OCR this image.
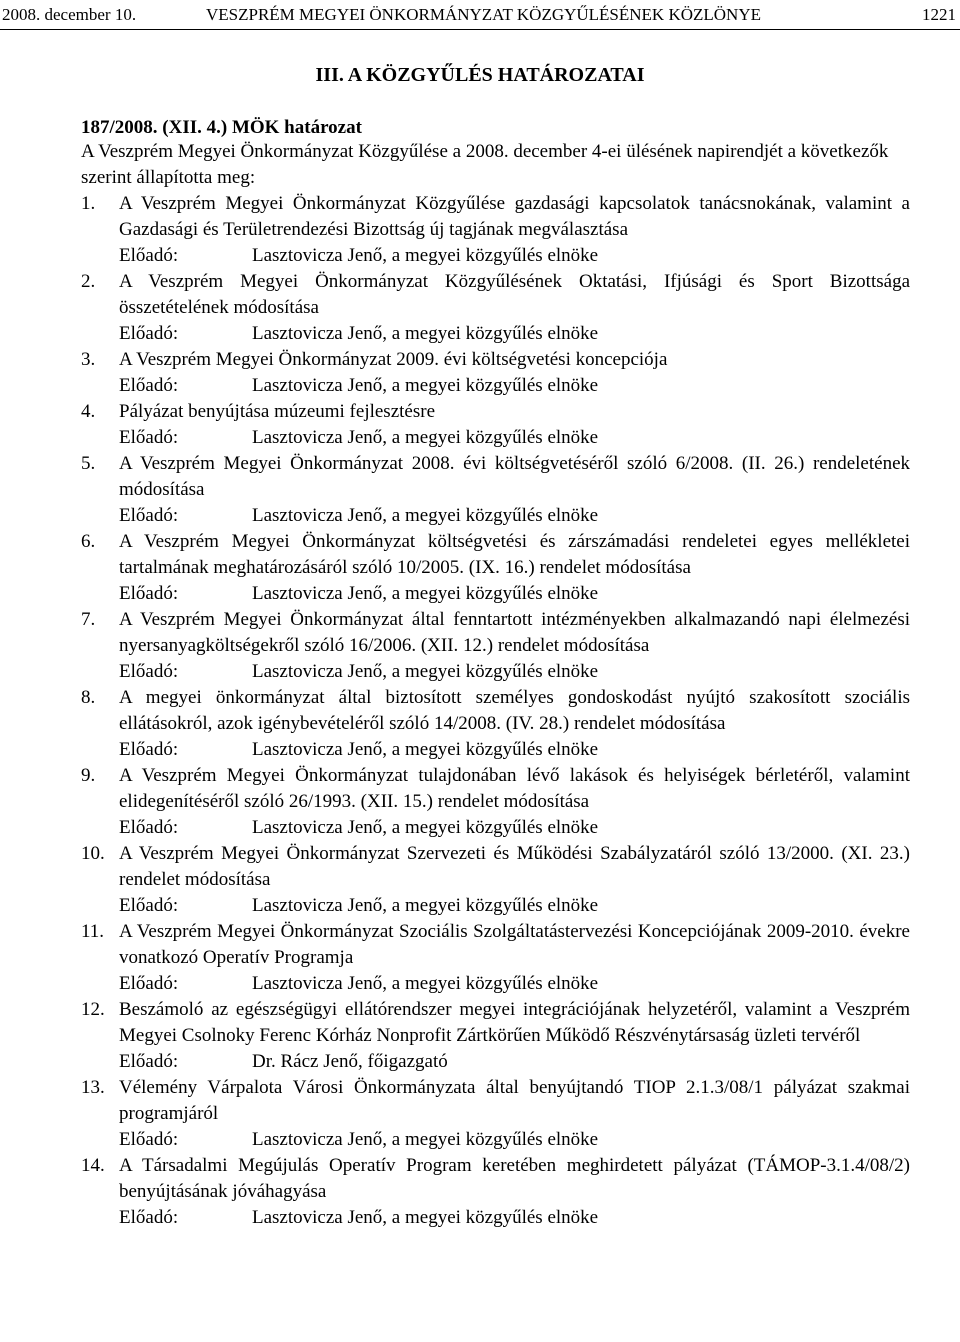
2008. december 10.	VESZPRÉM MEGYEI ÖNKORMÁNYZAT KÖZGYŰLÉSÉNEK KÖZLÖNYE	1221
III. A KÖZGYŰLÉS HATÁROZATAI
187/2008. (XII. 4.) MÖK határozat
A Veszprém Megyei Önkormányzat Közgyűlése a 2008. december 4-ei ülésének napirendjét a következők szerint állapította meg:
1.	A Veszprém Megyei Önkormányzat Közgyűlése gazdasági kapcsolatok tanácsnokának, valamint a Gazdasági és Területrendezési Bizottság új tagjának megválasztása
Előadó:	Lasztovicza Jenő, a megyei közgyűlés elnöke
2.	A Veszprém Megyei Önkormányzat Közgyűlésének Oktatási, Ifjúsági és Sport Bizottsága összetételének módosítása
Előadó:	Lasztovicza Jenő, a megyei közgyűlés elnöke
3.	A Veszprém Megyei Önkormányzat 2009. évi költségvetési koncepciója
Előadó:	Lasztovicza Jenő, a megyei közgyűlés elnöke
4.	Pályázat benyújtása múzeumi fejlesztésre
Előadó:	Lasztovicza Jenő, a megyei közgyűlés elnöke
5.	A Veszprém Megyei Önkormányzat 2008. évi költségvetéséről szóló 6/2008. (II. 26.) rendeletének módosítása
Előadó:	Lasztovicza Jenő, a megyei közgyűlés elnöke
6.	A Veszprém Megyei Önkormányzat költségvetési és zárszámadási rendeletei egyes mellékletei tartalmának meghatározásáról szóló 10/2005. (IX. 16.) rendelet módosítása
Előadó:	Lasztovicza Jenő, a megyei közgyűlés elnöke
7.	A Veszprém Megyei Önkormányzat által fenntartott intézményekben alkalmazandó napi élelmezési nyersanyagköltségekről szóló 16/2006. (XII. 12.) rendelet módosítása
Előadó:	Lasztovicza Jenő, a megyei közgyűlés elnöke
8.	A megyei önkormányzat által biztosított személyes gondoskodást nyújtó szakosított szociális ellátásokról, azok igénybevételéről szóló 14/2008. (IV. 28.) rendelet módosítása
Előadó:	Lasztovicza Jenő, a megyei közgyűlés elnöke
9.	A Veszprém Megyei Önkormányzat tulajdonában lévő lakások és helyiségek bérletéről, valamint elidegenítéséről szóló 26/1993. (XII. 15.) rendelet módosítása
Előadó:	Lasztovicza Jenő, a megyei közgyűlés elnöke
10. A Veszprém Megyei Önkormányzat Szervezeti és Működési Szabályzatáról szóló 13/2000. (XI. 23.) rendelet módosítása
Előadó:	Lasztovicza Jenő, a megyei közgyűlés elnöke
11. A Veszprém Megyei Önkormányzat Szociális Szolgáltatástervezési Koncepciójának 2009-2010. évekre vonatkozó Operatív Programja
Előadó:	Lasztovicza Jenő, a megyei közgyűlés elnöke
12. Beszámoló az egészségügyi ellátórendszer megyei integrációjának helyzetéről, valamint a Veszprém Megyei Csolnoky Ferenc Kórház Nonprofit Zártkörűen Működő Részvénytársaság üzleti tervéről
Előadó:	Dr. Rácz Jenő, főigazgató
13. Vélemény Várpalota Városi Önkormányzata által benyújtandó TIOP 2.1.3/08/1 pályázat szakmai programjáról
Előadó:	Lasztovicza Jenő, a megyei közgyűlés elnöke
14. A Társadalmi Megújulás Operatív Program keretében meghirdetett pályázat (TÁMOP-3.1.4/08/2) benyújtásának jóváhagyása
Előadó:	Lasztovicza Jenő, a megyei közgyűlés elnöke
